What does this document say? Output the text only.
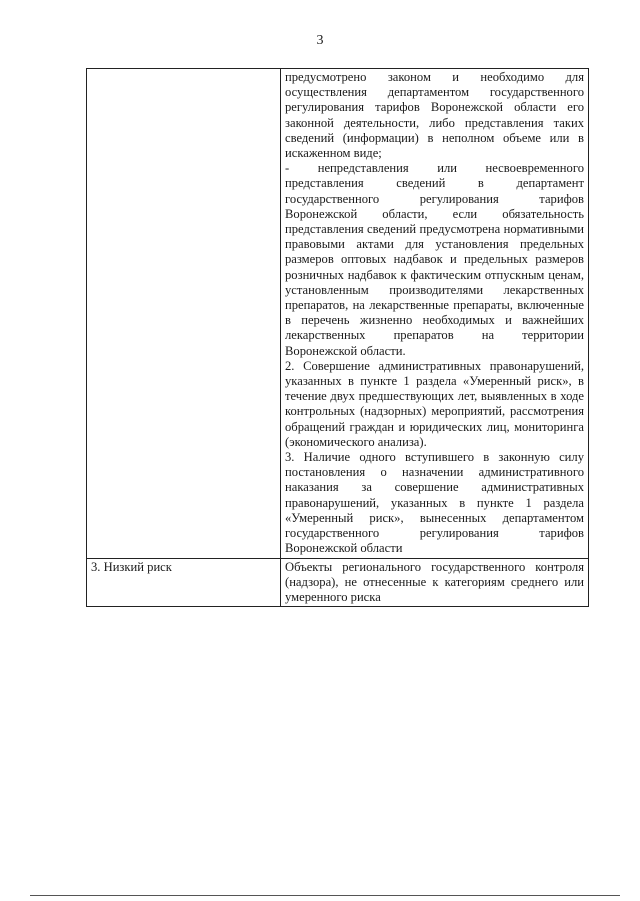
3

	предусмотрено законом и необходимо для осуществления департаментом государственного регулирования тарифов Воронежской области его законной деятельности, либо представления таких сведений (информации) в неполном объеме или в искаженном виде;

- непредставления или несвоевременного представления сведений в департамент государственного регулирования тарифов Воронежской области, если обязательность представления сведений предусмотрена нормативными правовыми актами для установления предельных размеров оптовых надбавок и предельных размеров розничных надбавок к фактическим отпускным ценам, установленным производителями лекарственных препаратов, на лекарственные препараты, включенные в перечень жизненно необходимых и важнейших лекарственных препаратов на территории Воронежской области.

2. Совершение административных правонарушений, указанных в пункте 1 раздела «Умеренный риск», в течение двух предшествующих лет, выявленных в ходе контрольных (надзорных) мероприятий, рассмотрения обращений граждан и юридических лиц, мониторинга (экономического анализа).

3. Наличие одного вступившего в законную силу постановления о назначении административного наказания за совершение административных правонарушений, указанных в пункте 1 раздела «Умеренный риск», вынесенных департаментом государственного регулирования тарифов Воронежской области

3. Низкий риск	Объекты регионального государственного контроля (надзора), не отнесенные к категориям среднего или умеренного риска
